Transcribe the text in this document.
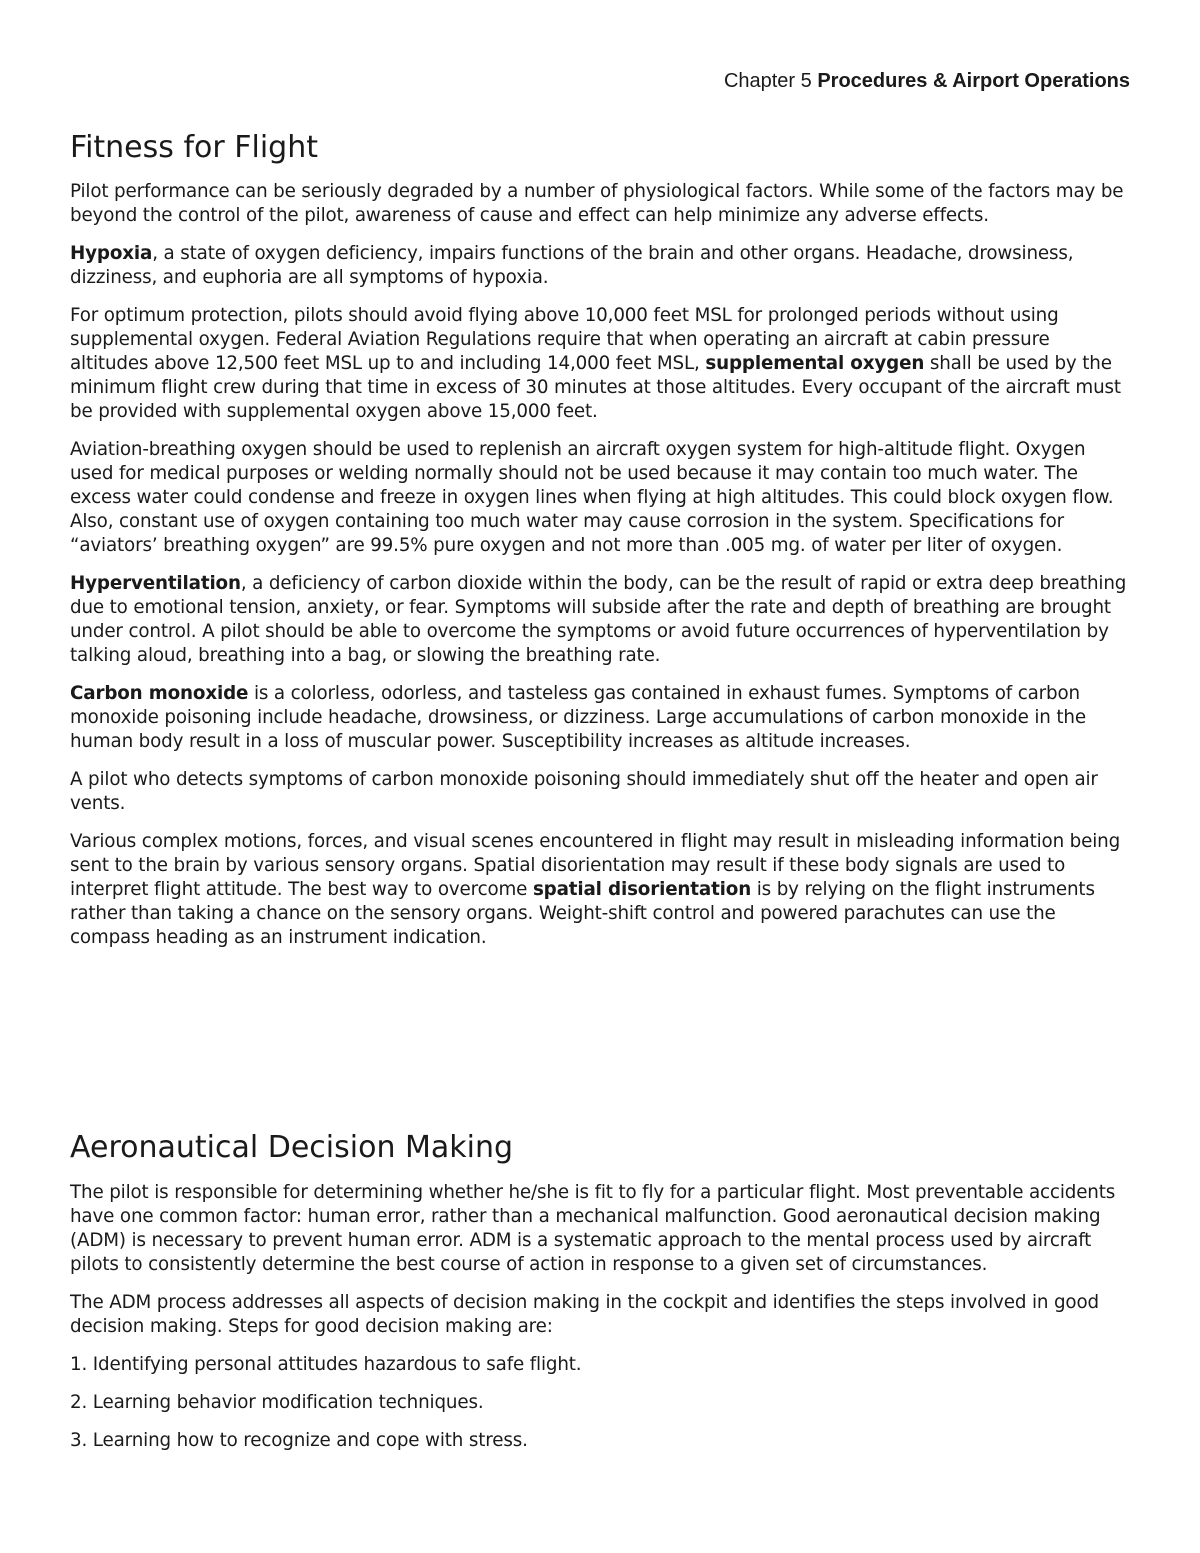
Chapter 5 Procedures & Airport Operations
Fitness for Flight

Pilot performance can be seriously degraded by a number of physiological factors. While some of the factors may be beyond the control of the pilot, awareness of cause and effect can help minimize any adverse effects.

Hypoxia, a state of oxygen deficiency, impairs functions of the brain and other organs. Headache, drowsiness, dizziness, and euphoria are all symptoms of hypoxia.

For optimum protection, pilots should avoid flying above 10,000 feet MSL for prolonged periods without using supplemental oxygen. Federal Aviation Regulations require that when operating an aircraft at cabin pressure altitudes above 12,500 feet MSL up to and including 14,000 feet MSL, supplemental oxygen shall be used by the minimum flight crew during that time in excess of 30 minutes at those altitudes. Every occupant of the aircraft must be provided with supplemental oxygen above 15,000 feet.

Aviation-breathing oxygen should be used to replenish an aircraft oxygen system for high-altitude flight. Oxygen used for medical purposes or welding normally should not be used because it may contain too much water. The excess water could condense and freeze in oxygen lines when flying at high altitudes. This could block oxygen flow. Also, constant use of oxygen containing too much water may cause corrosion in the system. Specifications for “aviators’ breathing oxygen” are 99.5% pure oxygen and not more than .005 mg. of water per liter of oxygen.

Hyperventilation, a deficiency of carbon dioxide within the body, can be the result of rapid or extra deep breathing due to emotional tension, anxiety, or fear. Symptoms will subside after the rate and depth of breathing are brought under control. A pilot should be able to overcome the symptoms or avoid future occurrences of hyperventilation by talking aloud, breathing into a bag, or slowing the breathing rate.

Carbon monoxide is a colorless, odorless, and tasteless gas contained in exhaust fumes. Symptoms of carbon monoxide poisoning include headache, drowsiness, or dizziness. Large accumulations of carbon monoxide in the human body result in a loss of muscular power. Susceptibility increases as altitude increases.

A pilot who detects symptoms of carbon monoxide poisoning should immediately shut off the heater and open air vents.

Various complex motions, forces, and visual scenes encountered in flight may result in misleading information being sent to the brain by various sensory organs. Spatial disorientation may result if these body signals are used to interpret flight attitude. The best way to overcome spatial disorientation is by relying on the flight instruments rather than taking a chance on the sensory organs. Weight-shift control and powered parachutes can use the compass heading as an instrument indication.

Aeronautical Decision Making

The pilot is responsible for determining whether he/she is fit to fly for a particular flight. Most preventable accidents have one common factor: human error, rather than a mechanical malfunction. Good aeronautical decision making (ADM) is necessary to prevent human error. ADM is a systematic approach to the mental process used by aircraft pilots to consistently determine the best course of action in response to a given set of circumstances.

The ADM process addresses all aspects of decision making in the cockpit and identifies the steps involved in good decision making. Steps for good decision making are:

1. Identifying personal attitudes hazardous to safe flight.

2. Learning behavior modification techniques.

3. Learning how to recognize and cope with stress.
